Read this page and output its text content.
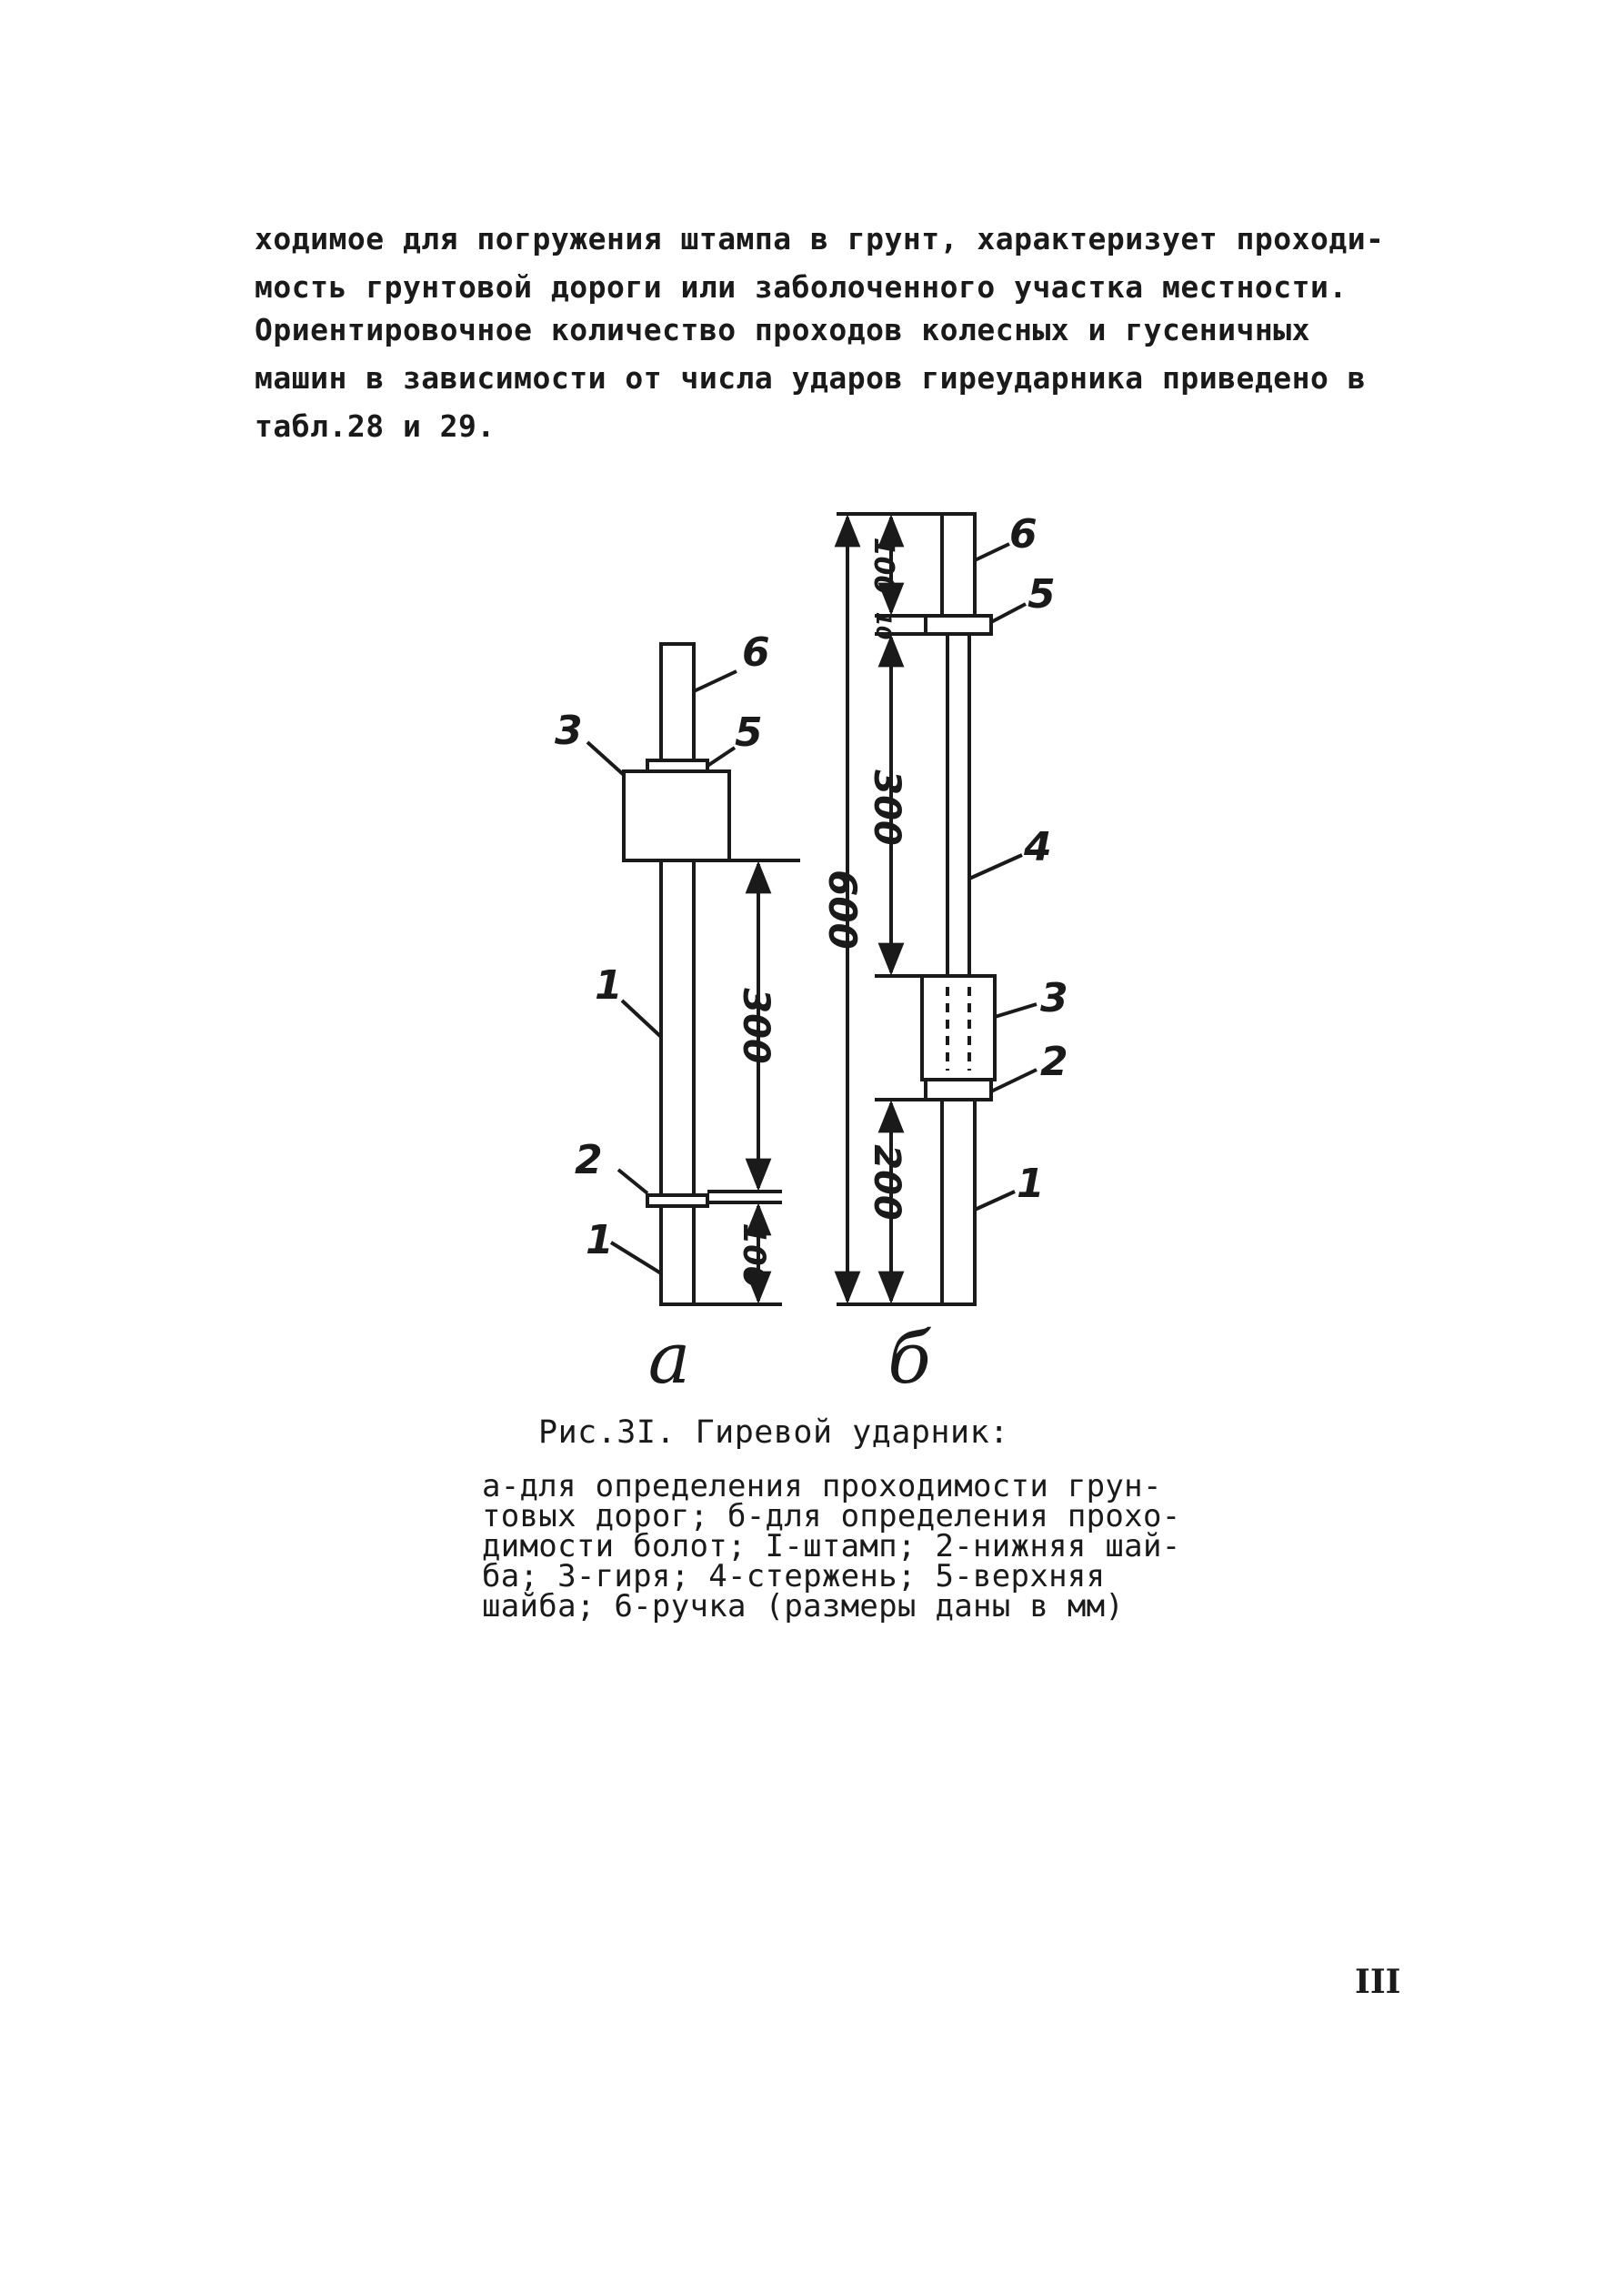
ходимое для погружения штампа в грунт, характеризует проходи-
мость грунтовой дороги или заболоченного участка местности.

Ориентировочное количество проходов колесных и гусеничных
машин в зависимости от числа ударов гиреударника приведено в
табл.28 и 29.

300
100
6
5
3
1
2
1
а
600
100
10
300
200
6
5
4
3
2
1
б

Рис.3I. Гиревой ударник:

а-для определения проходимости грун-
товых дорог; б-для определения прохо-
димости болот; I-штамп; 2-нижняя шай-
ба; 3-гиря; 4-стержень; 5-верхняя
шайба; 6-ручка (размеры даны в мм)

III
